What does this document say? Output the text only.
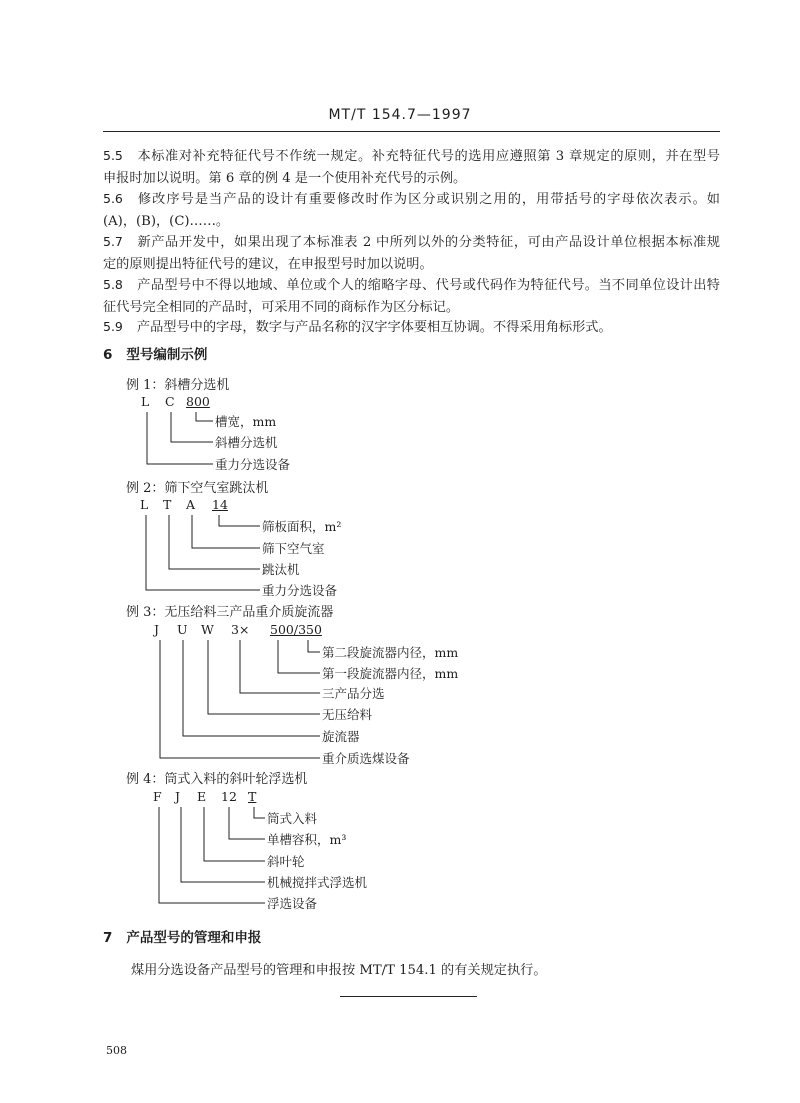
MT/T 154.7—1997
5.5 本标准对补充特征代号不作统一规定。补充特征代号的选用应遵照第 3 章规定的原则，并在型号
申报时加以说明。第 6 章的例 4 是一个使用补充代号的示例。
5.6 修改序号是当产品的设计有重要修改时作为区分或识别之用的，用带括号的字母依次表示。如
(A)，(B)，(C)……。
5.7 新产品开发中，如果出现了本标准表 2 中所列以外的分类特征，可由产品设计单位根据本标准规
定的原则提出特征代号的建议，在申报型号时加以说明。
5.8 产品型号中不得以地域、单位或个人的缩略字母、代号或代码作为特征代号。当不同单位设计出特
征代号完全相同的产品时，可采用不同的商标作为区分标记。
5.9 产品型号中的字母，数字与产品名称的汉字字体要相互协调。不得采用角标形式。
6 型号编制示例
例 1：斜槽分选机
L C 800
槽宽，mm
斜槽分选机
重力分选设备
例 2：筛下空气室跳汰机
L T A 14
筛板面积，m²
筛下空气室
跳汰机
重力分选设备
例 3：无压给料三产品重介质旋流器
J U W 3× 500/350
第二段旋流器内径，mm
第一段旋流器内径，mm
三产品分选
无压给料
旋流器
重介质选煤设备
例 4：筒式入料的斜叶轮浮选机
F J E 12 T
筒式入料
单槽容积，m³
斜叶轮
机械搅拌式浮选机
浮选设备
7 产品型号的管理和申报
煤用分选设备产品型号的管理和申报按 MT/T 154.1 的有关规定执行。
508
